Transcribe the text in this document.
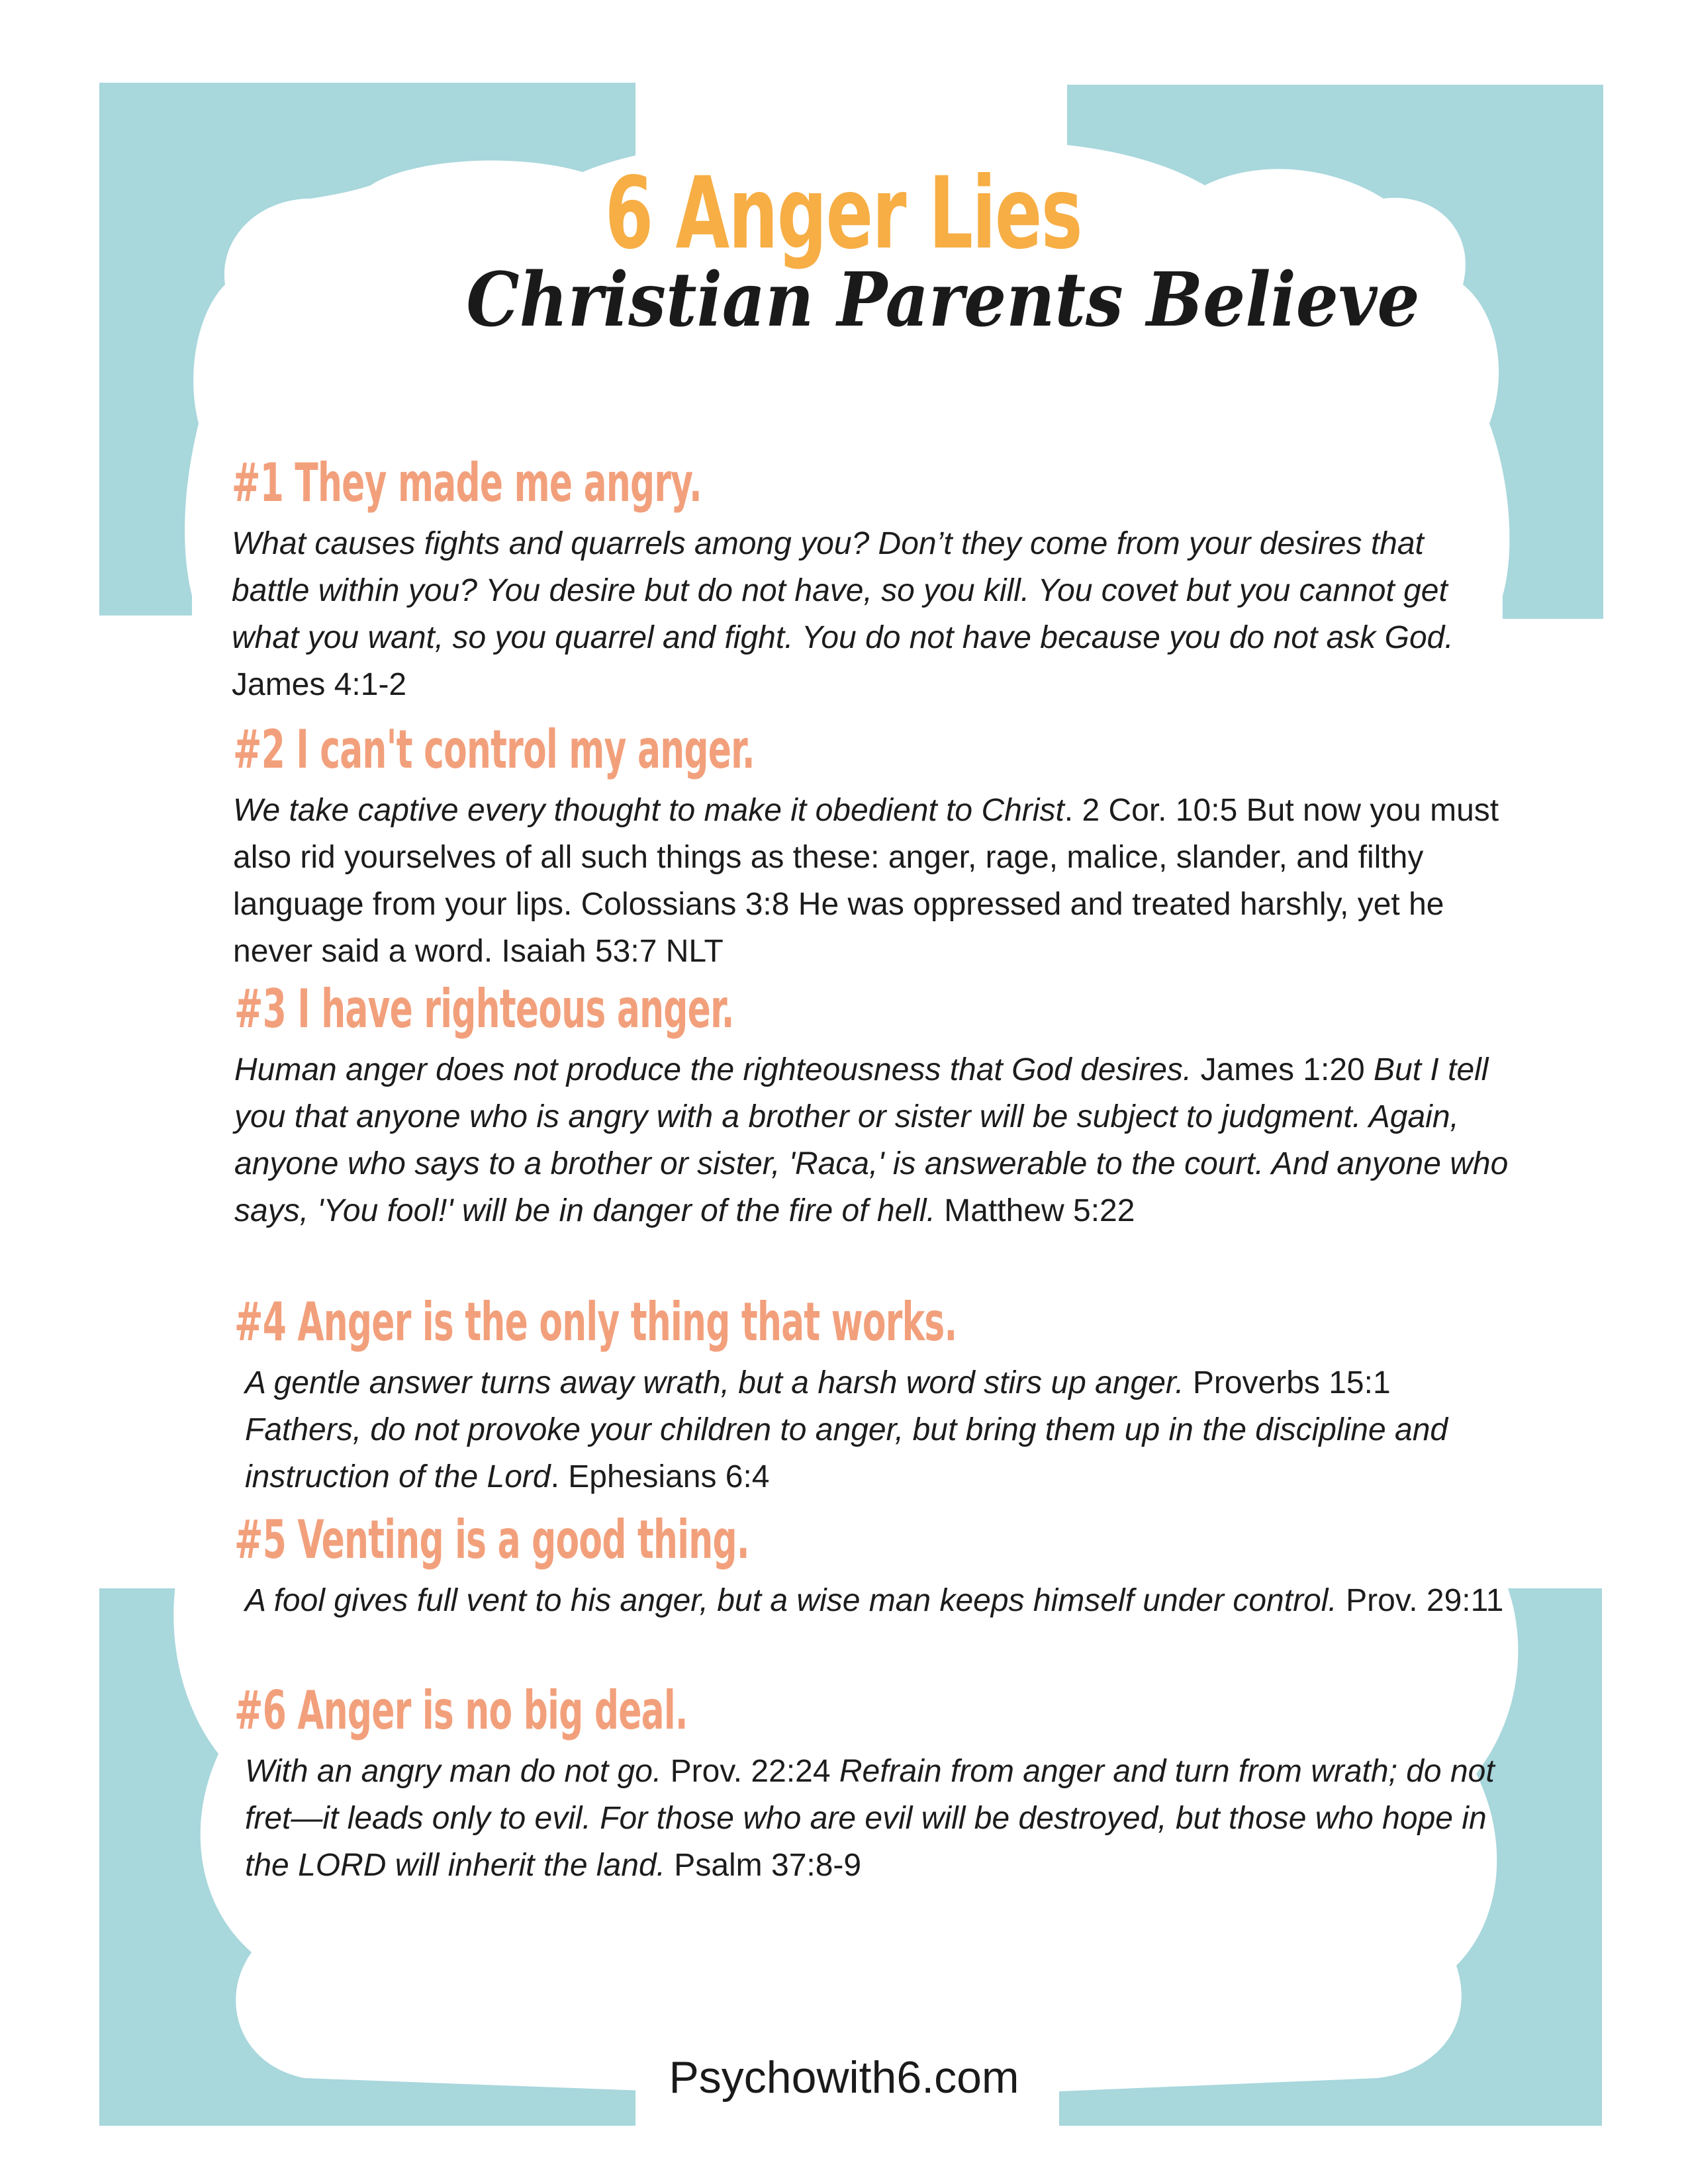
6 Anger Lies
Christian Parents Believe
#1 They made me angry.

What causes fights and quarrels among you? Don’t they come from your desires that battle within you? You desire but do not have, so you kill. You covet but you cannot get what you want, so you quarrel and fight. You do not have because you do not ask God. James 4:1-2

#2 I can't control my anger.

We take captive every thought to make it obedient to Christ. 2 Cor. 10:5 But now you must also rid yourselves of all such things as these: anger, rage, malice, slander, and filthy language from your lips. Colossians 3:8 He was oppressed and treated harshly, yet he never said a word. Isaiah 53:7 NLT

#3 I have righteous anger.

Human anger does not produce the righteousness that God desires. James 1:20 But I tell you that anyone who is angry with a brother or sister will be subject to judgment. Again, anyone who says to a brother or sister, 'Raca,' is answerable to the court. And anyone who says, 'You fool!' will be in danger of the fire of hell. Matthew 5:22

#4 Anger is the only thing that works.

A gentle answer turns away wrath, but a harsh word stirs up anger. Proverbs 15:1 Fathers, do not provoke your children to anger, but bring them up in the discipline and instruction of the Lord. Ephesians 6:4

#5 Venting is a good thing.

A fool gives full vent to his anger, but a wise man keeps himself under control. Prov. 29:11

#6 Anger is no big deal.

With an angry man do not go. Prov. 22:24 Refrain from anger and turn from wrath; do not fret—it leads only to evil. For those who are evil will be destroyed, but those who hope in the LORD will inherit the land. Psalm 37:8-9

Psychowith6.com
